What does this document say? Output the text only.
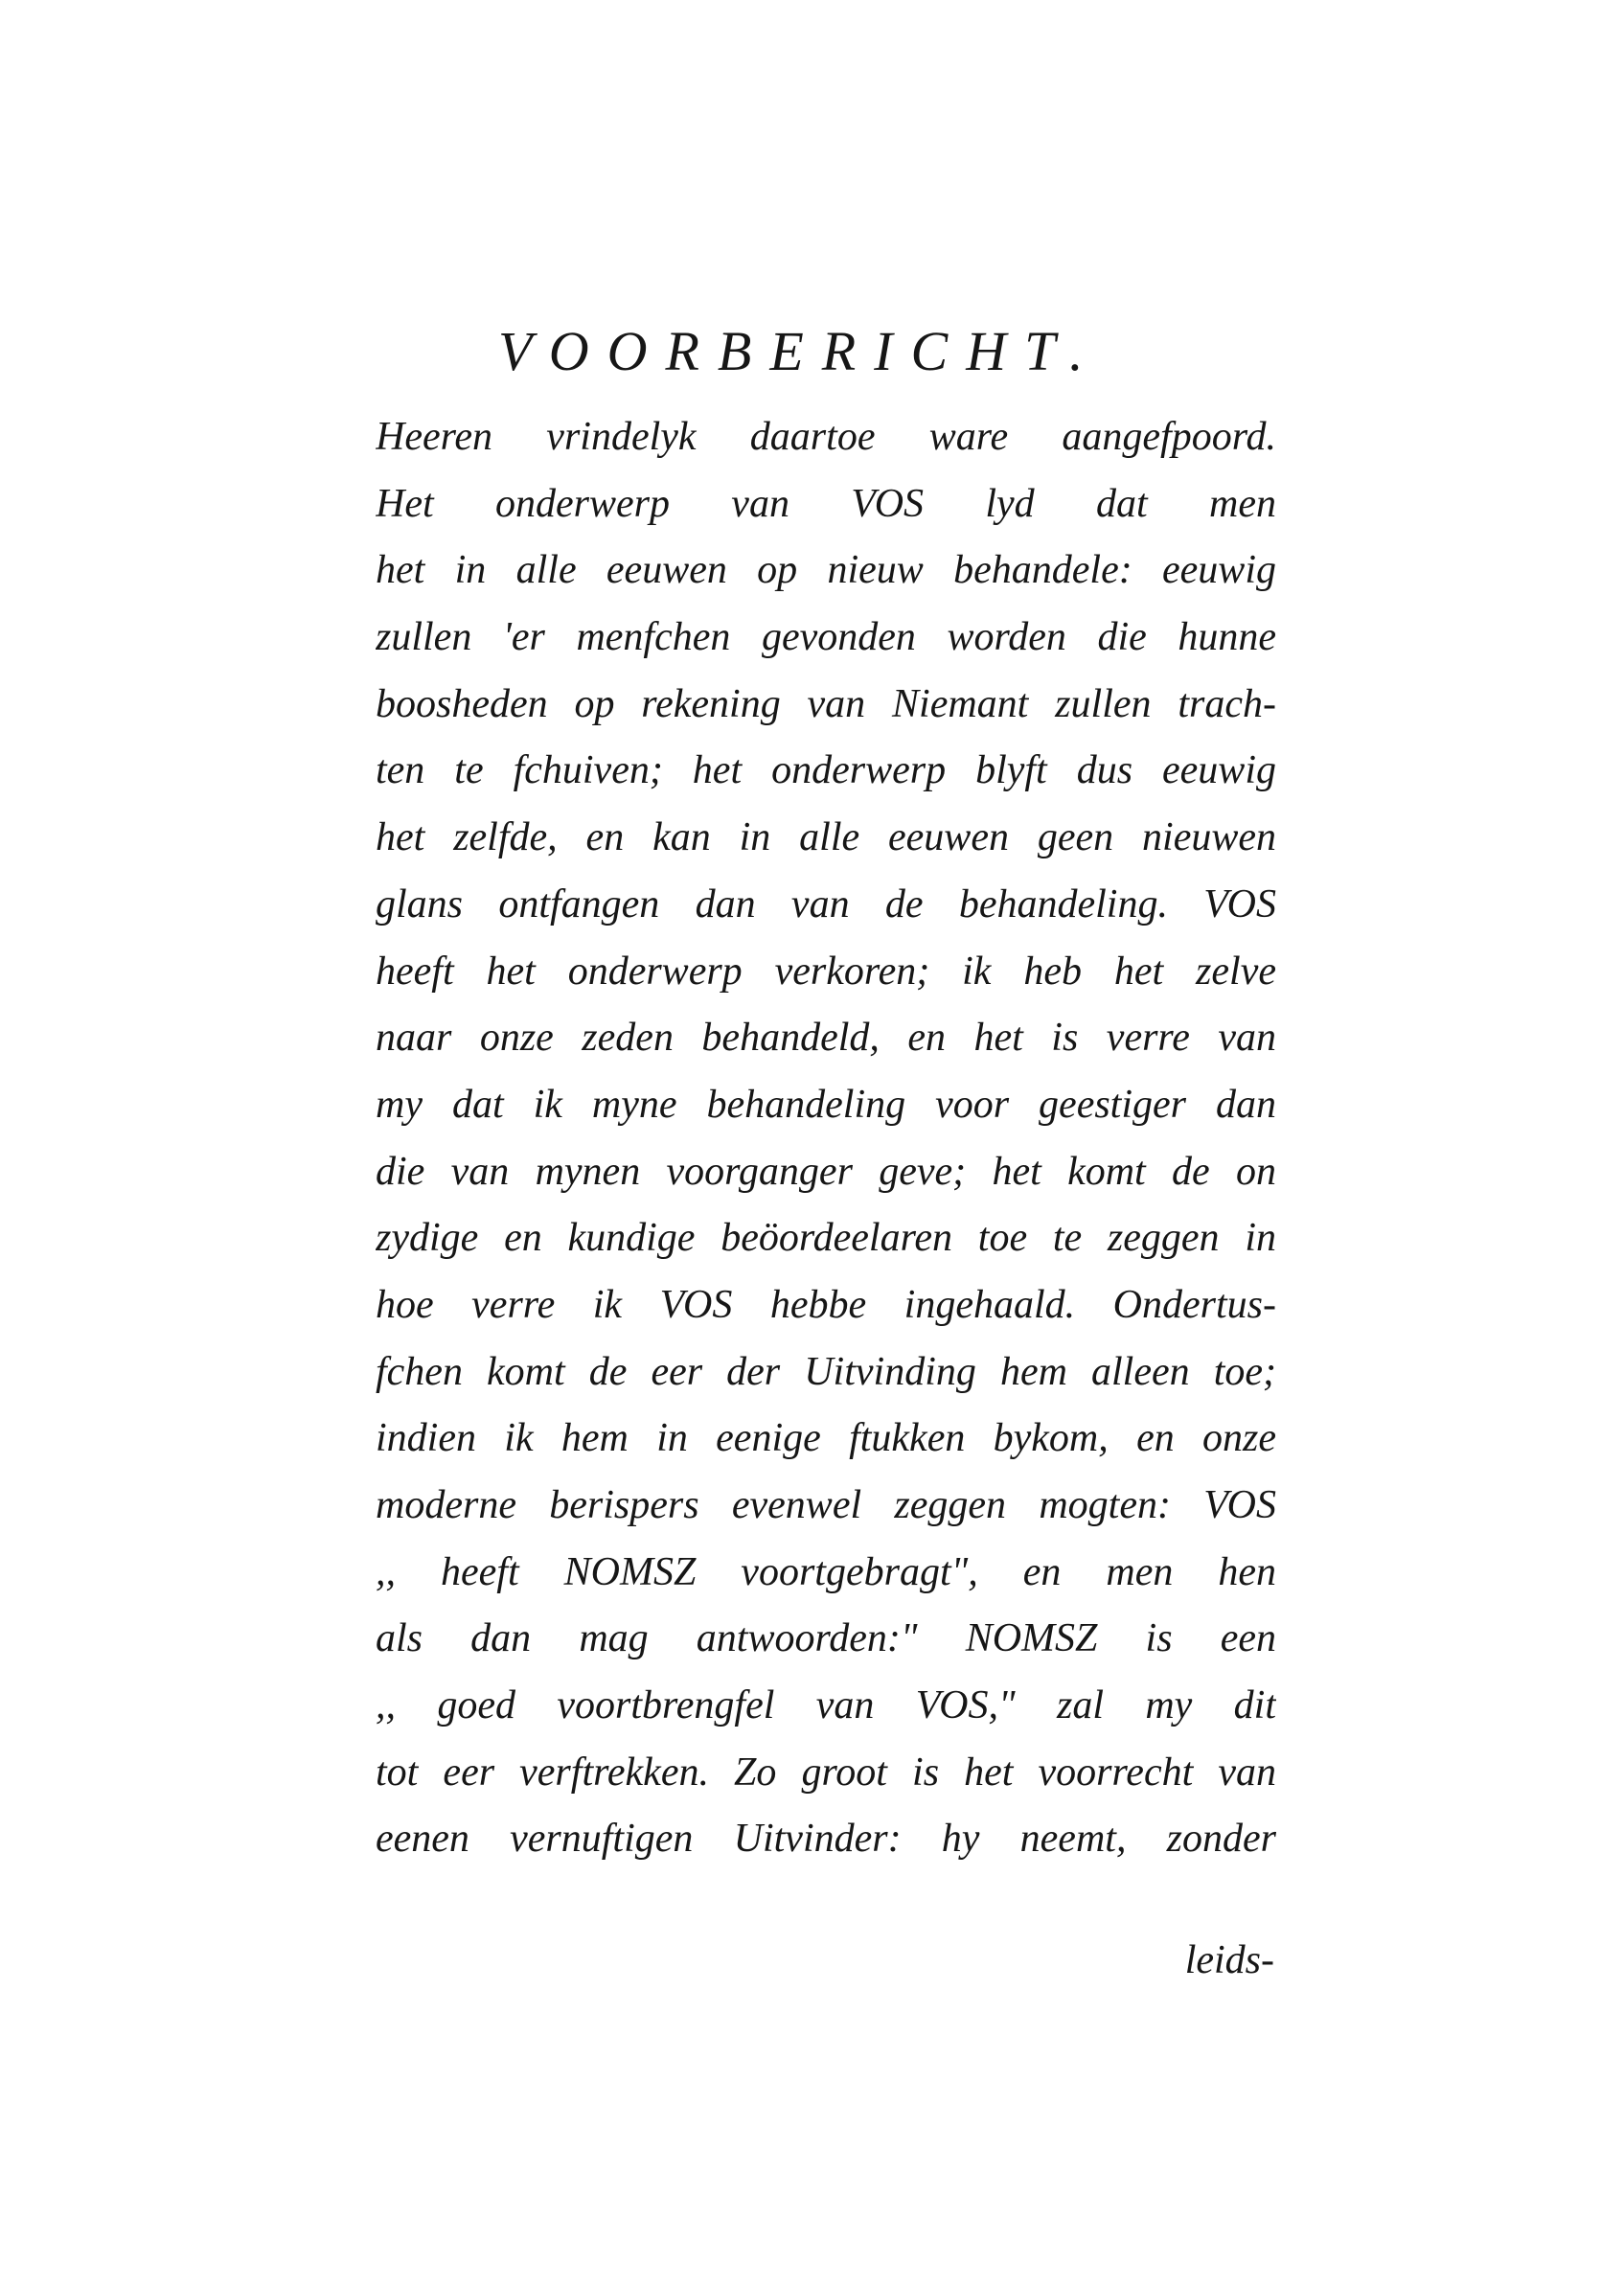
VOORBERICHT.
Heeren vrindelyk daartoe ware aangefpoord.
Het onderwerp van VOS lyd dat men
het in alle eeuwen op nieuw behandele: eeuwig
zullen 'er menfchen gevonden worden die hunne
boosheden op rekening van Niemant zullen trach-
ten te fchuiven; het onderwerp blyft dus eeuwig
het zelfde, en kan in alle eeuwen geen nieuwen
glans ontfangen dan van de behandeling. VOS
heeft het onderwerp verkoren; ik heb het zelve
naar onze zeden behandeld, en het is verre van
my dat ik myne behandeling voor geestiger dan
die van mynen voorganger geve; het komt de on
zydige en kundige beöordeelaren toe te zeggen in
hoe verre ik VOS hebbe ingehaald. Ondertus-
fchen komt de eer der Uitvinding hem alleen toe;
indien ik hem in eenige ftukken bykom, en onze
moderne berispers evenwel zeggen mogten: VOS
,, heeft NOMSZ voortgebragt", en men hen
als dan mag antwoorden:" NOMSZ is een
,, goed voortbrengfel van VOS," zal my dit
tot eer verftrekken. Zo groot is het voorrecht van
eenen vernuftigen Uitvinder: hy neemt, zonder
leids-
